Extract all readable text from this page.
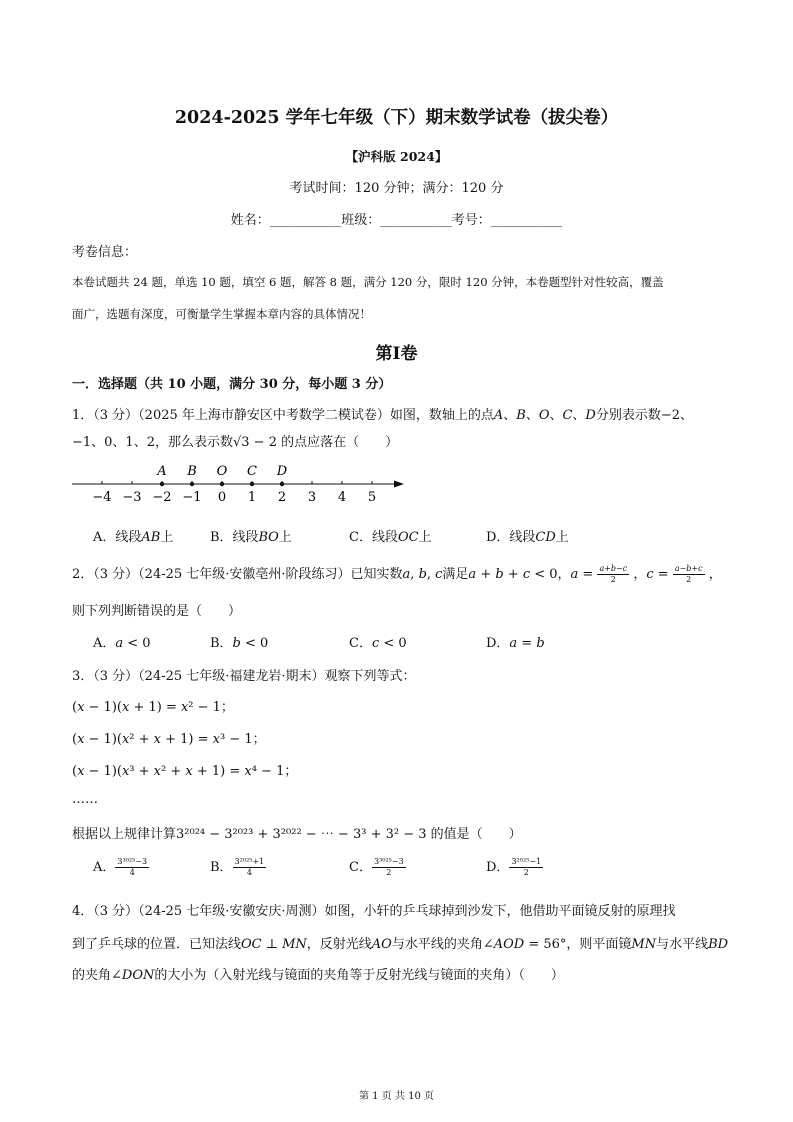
2024-2025 学年七年级（下）期末数学试卷（拔尖卷）
【沪科版 2024】
考试时间：120 分钟；满分：120 分
姓名：___________班级：___________考号：___________
考卷信息：
本卷试题共 24 题，单选 10 题，填空 6 题，解答 8 题，满分 120 分，限时 120 分钟，本卷题型针对性较高，覆盖
面广，选题有深度，可衡量学生掌握本章内容的具体情况！
第Ⅰ卷
一．选择题（共 10 小题，满分 30 分，每小题 3 分）
1．（3 分）（2025 年上海市静安区中考数学二模试卷）如图，数轴上的点𝐴、𝐵、𝑂、𝐶、𝐷分别表示数−2、
−1、0、1、2，那么表示数√3 − 2 的点应落在（　　）
−4 −3 −2 −1 0 1 2 3 4 5
A B O C D
A．线段𝐴𝐵上	B．线段𝐵𝑂上	C．线段𝑂𝐶上	D．线段𝐶𝐷上
2．（3 分）（24-25 七年级·安徽亳州·阶段练习）已知实数𝑎, 𝑏, 𝑐满足𝑎 + 𝑏 + 𝑐 < 0，𝑎 = $\frac{\text{𝑎+𝑏−𝑐}}{2}$ ，𝑐 = $\frac{\text{𝑎−𝑏+𝑐}}{2}$ ，
则下列判断错误的是（　　）
A．𝑎 < 0	B．𝑏 < 0	C．𝑐 < 0	D．𝑎 = 𝑏
3．（3 分）（24-25 七年级·福建龙岩·期末）观察下列等式：
(𝑥 − 1)(𝑥 + 1) = 𝑥² − 1；
(𝑥 − 1)(𝑥² + 𝑥 + 1) = 𝑥³ − 1；
(𝑥 − 1)(𝑥³ + 𝑥² + 𝑥 + 1) = 𝑥⁴ − 1；
……
根据以上规律计算3²⁰²⁴ − 3²⁰²³ + 3²⁰²² − ⋯ − 3³ + 3² − 3 的值是（　　）
A． $\frac{\text{3³⁰²⁵−3}}{4}$	B． $\frac{\text{3²⁰²⁵+1}}{4}$	C． $\frac{\text{3³⁰²⁵−3}}{2}$	D． $\frac{\text{3²⁰²⁵−1}}{2}$
4．（3 分）（24-25 七年级·安徽安庆·周测）如图，小轩的乒乓球掉到沙发下，他借助平面镜反射的原理找
到了乒乓球的位置．已知法线𝑂𝐶 ⊥ 𝑀𝑁，反射光线𝐴𝑂与水平线的夹角∠𝐴𝑂𝐷 = 56°，则平面镜𝑀𝑁与水平线𝐵𝐷
的夹角∠𝐷𝑂𝑁的大小为（入射光线与镜面的夹角等于反射光线与镜面的夹角）（　　）
第 1 页 共 10 页
